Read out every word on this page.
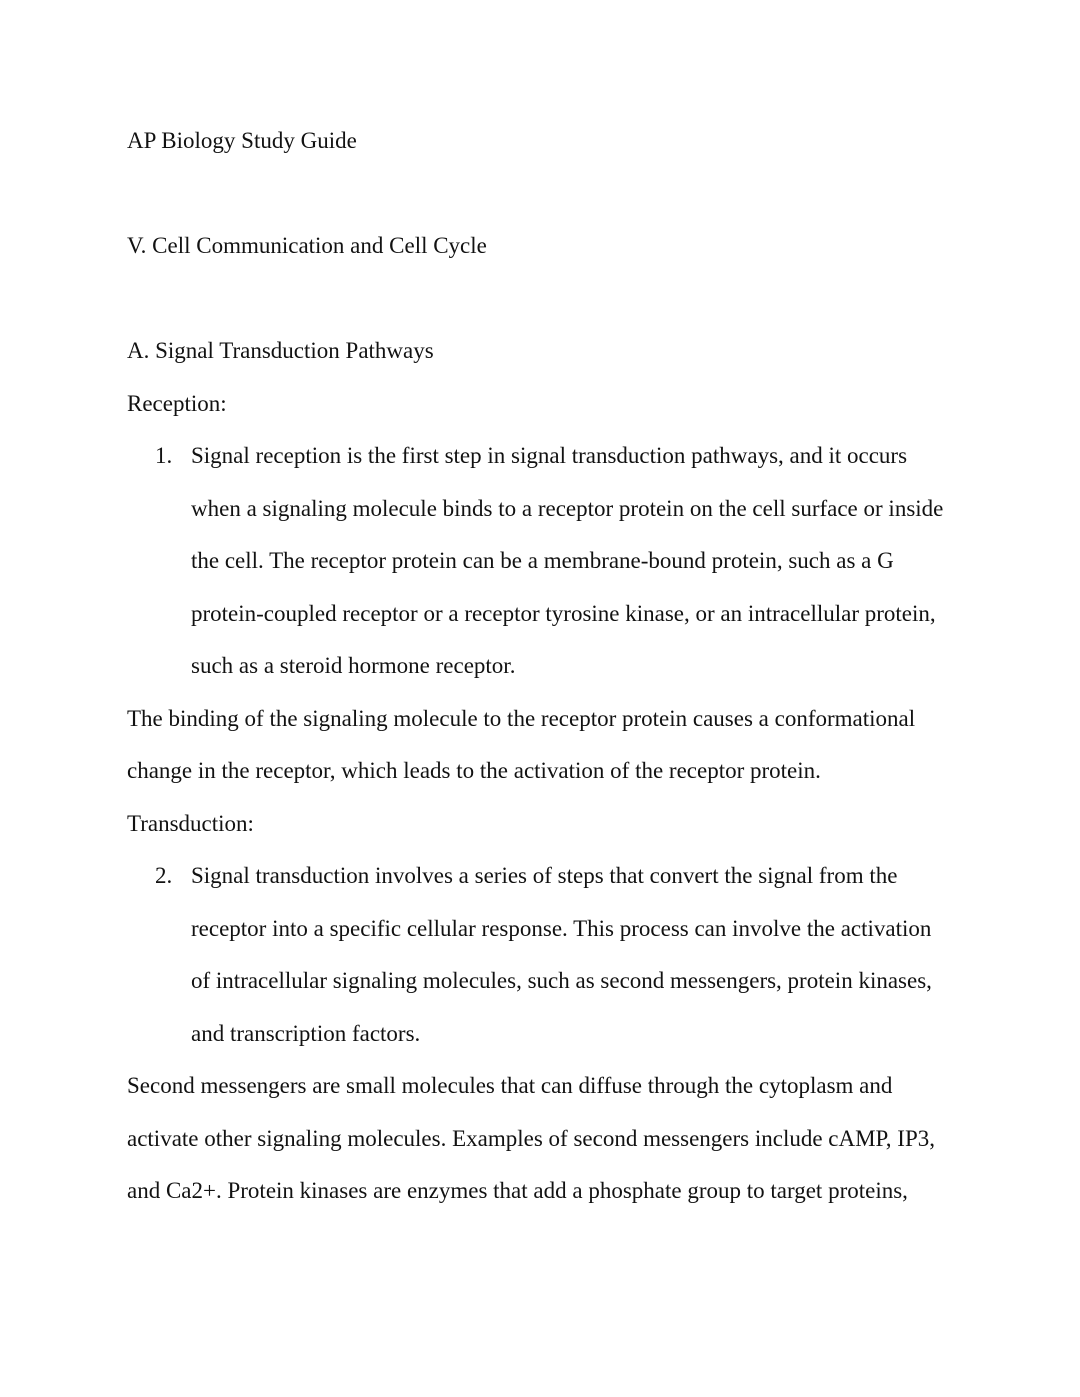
AP Biology Study Guide
V. Cell Communication and Cell Cycle
A. Signal Transduction Pathways
Reception:
1. Signal reception is the first step in signal transduction pathways, and it occurs
when a signaling molecule binds to a receptor protein on the cell surface or inside
the cell. The receptor protein can be a membrane-bound protein, such as a G
protein-coupled receptor or a receptor tyrosine kinase, or an intracellular protein,
such as a steroid hormone receptor.
The binding of the signaling molecule to the receptor protein causes a conformational
change in the receptor, which leads to the activation of the receptor protein.
Transduction:
2. Signal transduction involves a series of steps that convert the signal from the
receptor into a specific cellular response. This process can involve the activation
of intracellular signaling molecules, such as second messengers, protein kinases,
and transcription factors.
Second messengers are small molecules that can diffuse through the cytoplasm and
activate other signaling molecules. Examples of second messengers include cAMP, IP3,
and Ca2+. Protein kinases are enzymes that add a phosphate group to target proteins,
